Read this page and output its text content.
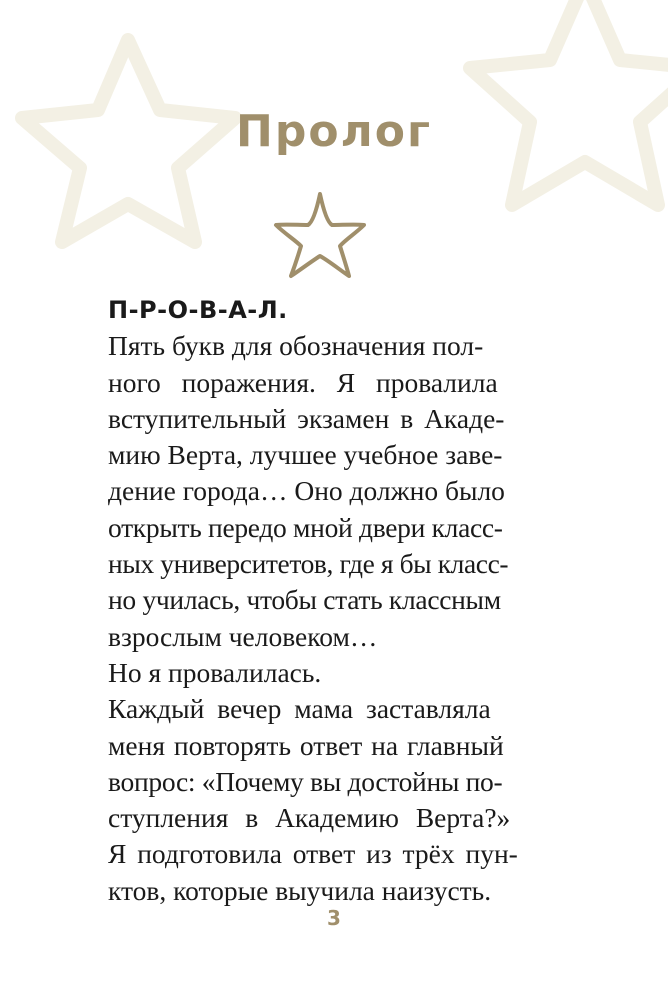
Пролог
П-Р-О-В-А-Л.
Пять букв для обозначения пол-
ного поражения. Я провалила
вступительный экзамен в Акаде-
мию Верта, лучшее учебное заве-
дение города… Оно должно было
открыть передо мной двери класс-
ных университетов, где я бы класс-
но училась, чтобы стать классным
взрослым человеком…
Но я провалилась.
Каждый вечер мама заставляла
меня повторять ответ на главный
вопрос: «Почему вы достойны по-
ступления в Академию Верта?»
Я подготовила ответ из трёх пун-
ктов, которые выучила наизусть.
3
